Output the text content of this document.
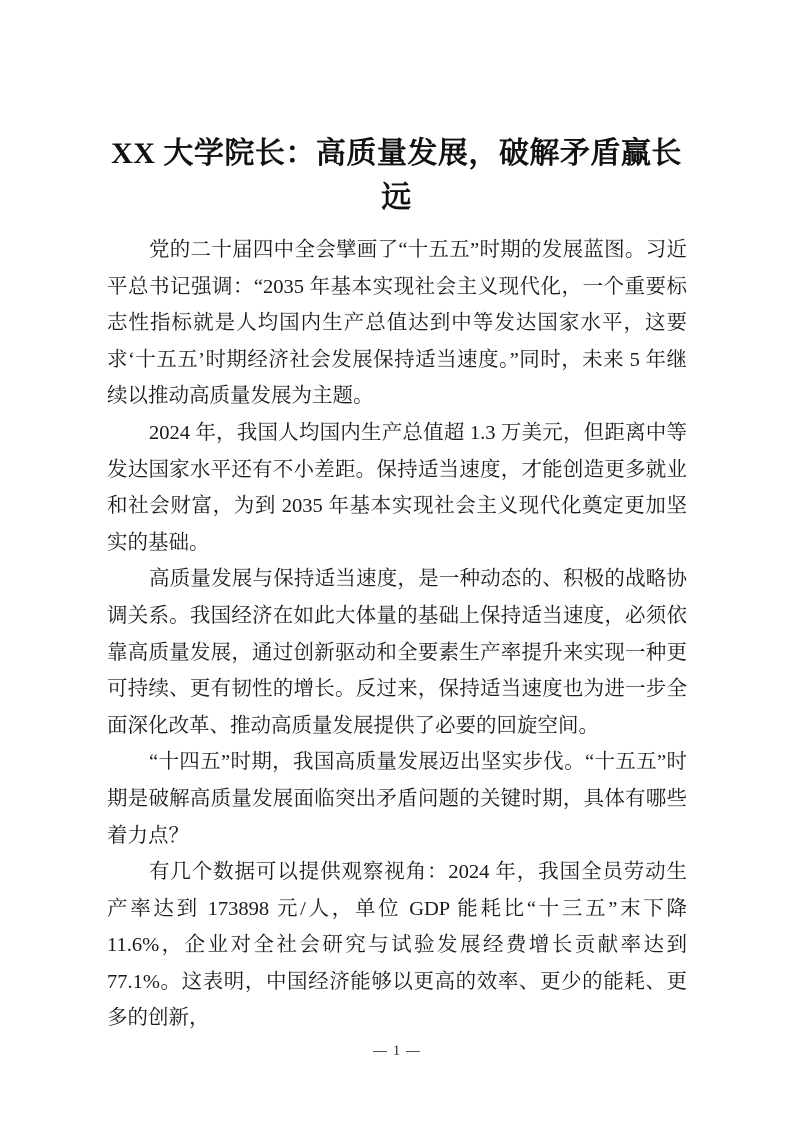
XX 大学院长：高质量发展，破解矛盾赢长远

党的二十届四中全会擘画了“十五五”时期的发展蓝图。习近平总书记强调：“2035 年基本实现社会主义现代化，一个重要标志性指标就是人均国内生产总值达到中等发达国家水平，这要求‘十五五’时期经济社会发展保持适当速度。”同时，未来 5 年继续以推动高质量发展为主题。

2024 年，我国人均国内生产总值超 1.3 万美元，但距离中等发达国家水平还有不小差距。保持适当速度，才能创造更多就业和社会财富，为到 2035 年基本实现社会主义现代化奠定更加坚实的基础。

高质量发展与保持适当速度，是一种动态的、积极的战略协调关系。我国经济在如此大体量的基础上保持适当速度，必须依靠高质量发展，通过创新驱动和全要素生产率提升来实现一种更可持续、更有韧性的增长。反过来，保持适当速度也为进一步全面深化改革、推动高质量发展提供了必要的回旋空间。

“十四五”时期，我国高质量发展迈出坚实步伐。“十五五”时期是破解高质量发展面临突出矛盾问题的关键时期，具体有哪些着力点？

有几个数据可以提供观察视角：2024 年，我国全员劳动生产率达到 173898 元/人，单位 GDP 能耗比“十三五”末下降 11.6%，企业对全社会研究与试验发展经费增长贡献率达到 77.1%。这表明，中国经济能够以更高的效率、更少的能耗、更多的创新，

1
